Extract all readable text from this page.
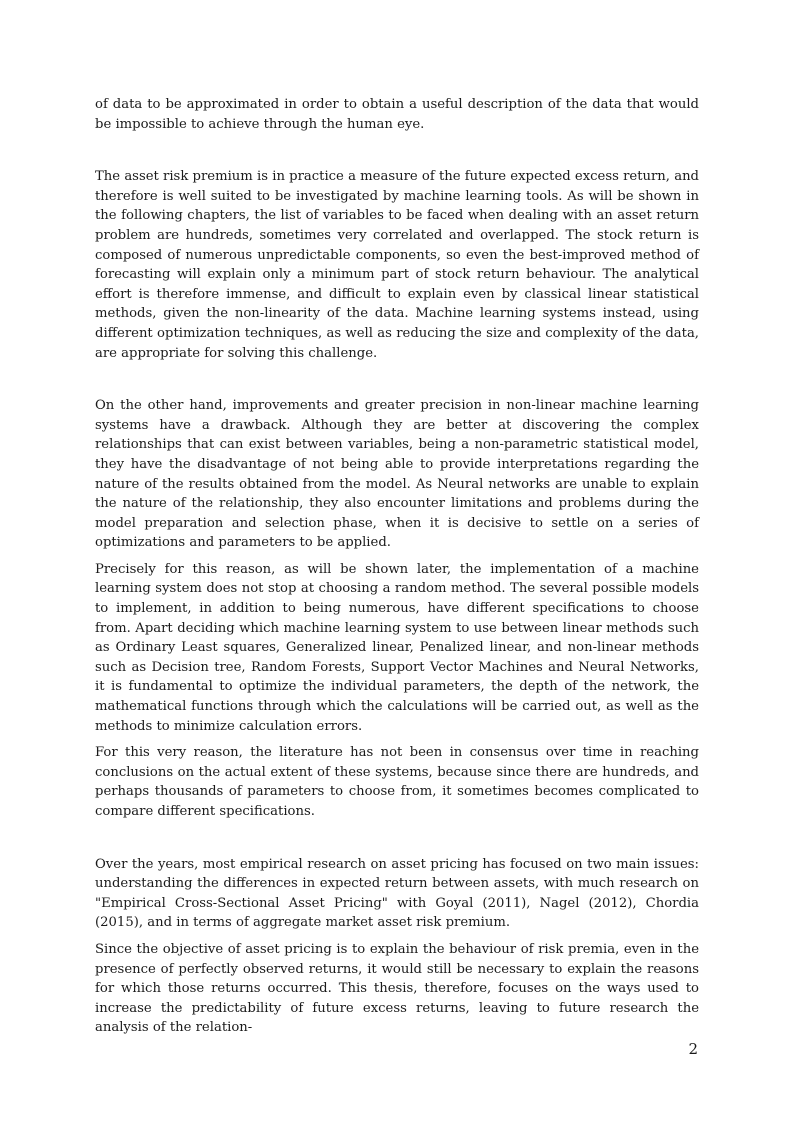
of data to be approximated in order to obtain a useful description of the data that would be impossible to achieve through the human eye.

The asset risk premium is in practice a measure of the future expected excess return, and therefore is well suited to be investigated by machine learning tools. As will be shown in the following chapters, the list of variables to be faced when dealing with an asset return problem are hundreds, sometimes very correlated and overlapped. The stock return is composed of numerous unpredictable components, so even the best-improved method of forecasting will explain only a minimum part of stock return behaviour. The analytical effort is therefore immense, and difficult to explain even by classical linear statistical methods, given the non-linearity of the data. Machine learning systems instead, using different optimization techniques, as well as reducing the size and complexity of the data, are appropriate for solving this challenge.

On the other hand, improvements and greater precision in non-linear machine learning systems have a drawback. Although they are better at discovering the complex relationships that can exist between variables, being a non-parametric statistical model, they have the disadvantage of not being able to provide interpretations regarding the nature of the results obtained from the model. As Neural networks are unable to explain the nature of the relationship, they also encounter limitations and problems during the model preparation and selection phase, when it is decisive to settle on a series of optimizations and parameters to be applied.

Precisely for this reason, as will be shown later, the implementation of a machine learning system does not stop at choosing a random method. The several possible models to implement, in addition to being numerous, have different specifications to choose from. Apart deciding which machine learning system to use between linear methods such as Ordinary Least squares, Generalized linear, Penalized linear, and non-linear methods such as Decision tree, Random Forests, Support Vector Machines and Neural Networks, it is fundamental to optimize the individual parameters, the depth of the network, the mathematical functions through which the calculations will be carried out, as well as the methods to minimize calculation errors.

For this very reason, the literature has not been in consensus over time in reaching conclusions on the actual extent of these systems, because since there are hundreds, and perhaps thousands of parameters to choose from, it sometimes becomes complicated to compare different specifications.

Over the years, most empirical research on asset pricing has focused on two main issues: understanding the differences in expected return between assets, with much research on "Empirical Cross-Sectional Asset Pricing" with Goyal (2011), Nagel (2012), Chordia (2015), and in terms of aggregate market asset risk premium.

Since the objective of asset pricing is to explain the behaviour of risk premia, even in the presence of perfectly observed returns, it would still be necessary to explain the reasons for which those returns occurred. This thesis, therefore, focuses on the ways used to increase the predictability of future excess returns, leaving to future research the analysis of the relation-

2
